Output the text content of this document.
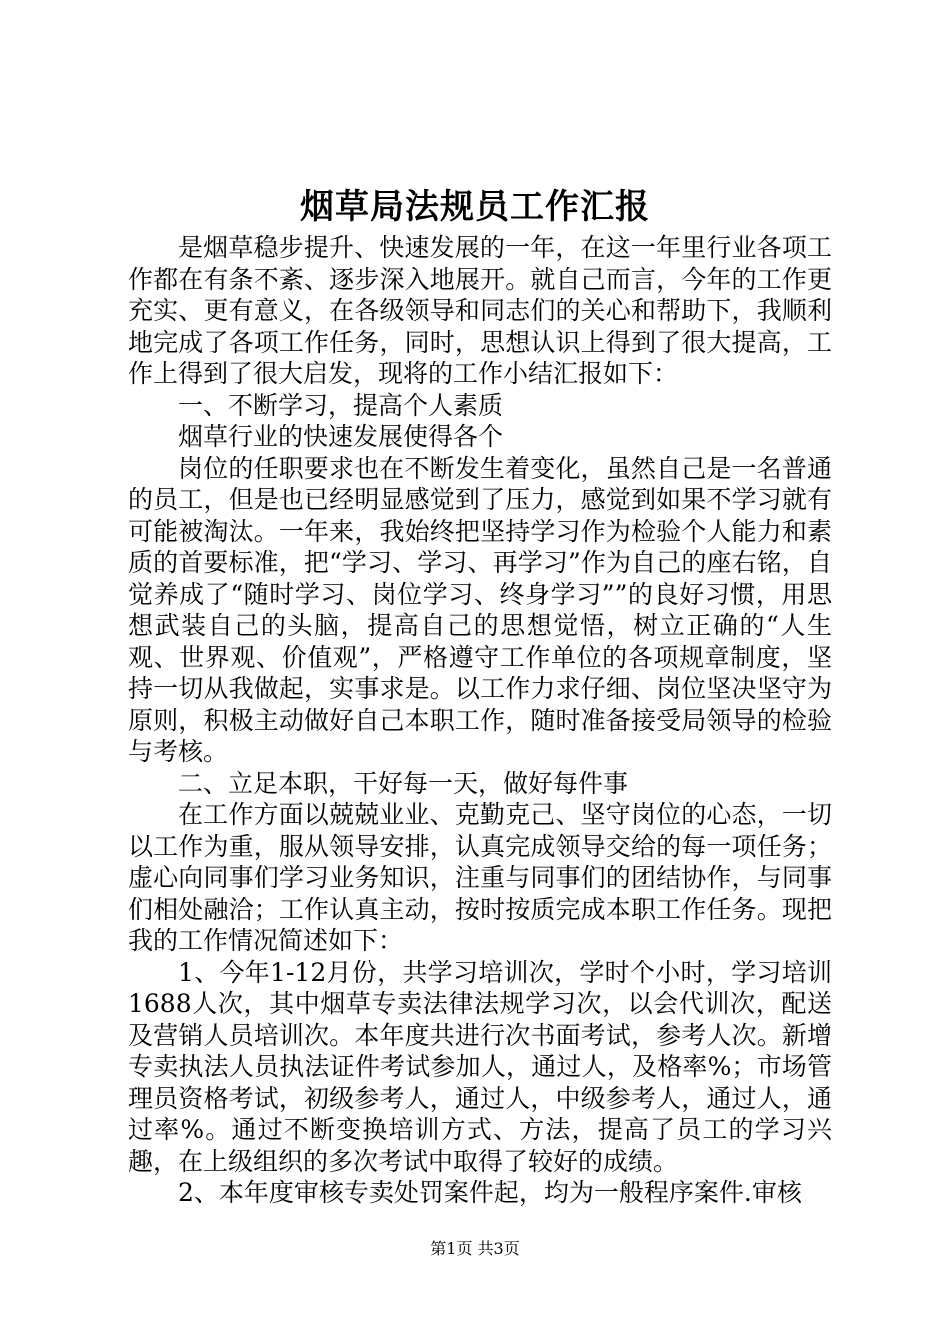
烟草局法规员工作汇报

是烟草稳步提升、快速发展的一年，在这一年里行业各项工作都在有条不紊、逐步深入地展开。就自己而言，今年的工作更充实、更有意义，在各级领导和同志们的关心和帮助下，我顺利地完成了各项工作任务，同时，思想认识上得到了很大提高，工作上得到了很大启发，现将的工作小结汇报如下：

一、不断学习，提高个人素质

烟草行业的快速发展使得各个

岗位的任职要求也在不断发生着变化，虽然自己是一名普通的员工，但是也已经明显感觉到了压力，感觉到如果不学习就有可能被淘汰。一年来，我始终把坚持学习作为检验个人能力和素质的首要标准，把“学习、学习、再学习”作为自己的座右铭，自觉养成了“随时学习、岗位学习、终身学习””的良好习惯，用思想武装自己的头脑，提高自己的思想觉悟，树立正确的“人生观、世界观、价值观”，严格遵守工作单位的各项规章制度，坚持一切从我做起，实事求是。以工作力求仔细、岗位坚决坚守为原则，积极主动做好自己本职工作，随时准备接受局领导的检验与考核。

二、立足本职，干好每一天，做好每件事

在工作方面以兢兢业业、克勤克己、坚守岗位的心态，一切以工作为重，服从领导安排，认真完成领导交给的每一项任务；虚心向同事们学习业务知识，注重与同事们的团结协作，与同事们相处融洽；工作认真主动，按时按质完成本职工作任务。现把我的工作情况简述如下：

1、今年1-12月份，共学习培训次，学时个小时，学习培训1688人次，其中烟草专卖法律法规学习次，以会代训次，配送及营销人员培训次。本年度共进行次书面考试，参考人次。新增专卖执法人员执法证件考试参加人，通过人，及格率%；市场管理员资格考试，初级参考人，通过人，中级参考人，通过人，通过率%。通过不断变换培训方式、方法，提高了员工的学习兴趣，在上级组织的多次考试中取得了较好的成绩。

2、本年度审核专卖处罚案件起，均为一般程序案件.审核

第1页 共3页
